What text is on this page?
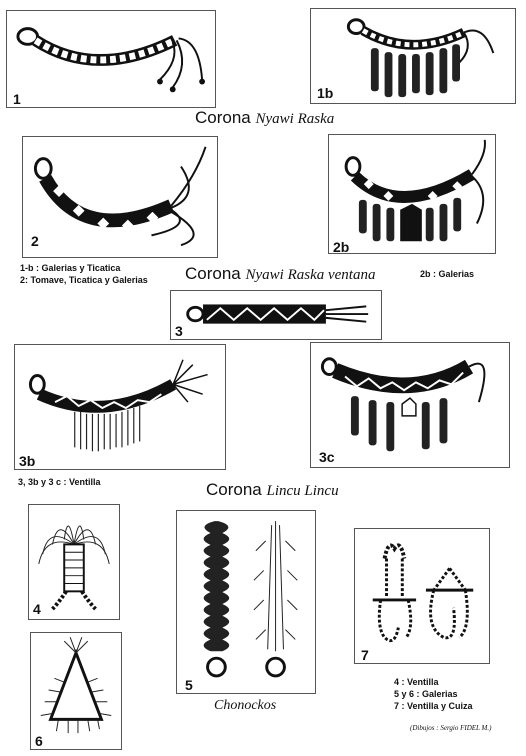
1	1b
Corona Nyawi Raska
2	2b
1-b : Galerias y Ticatica
2: Tomave, Ticatica y Galerias Corona Nyawi Raska ventana	2b : Galerias
3
3b	3c
3, 3b y 3 c : Ventilla	Corona Lincu Lincu
4
5
7
4 : Ventilla
5 y 6 : Galerias
7 : Ventilla y Cuiza
6
Chonockos
(Dibujos : Sergio FIDEL M.)
